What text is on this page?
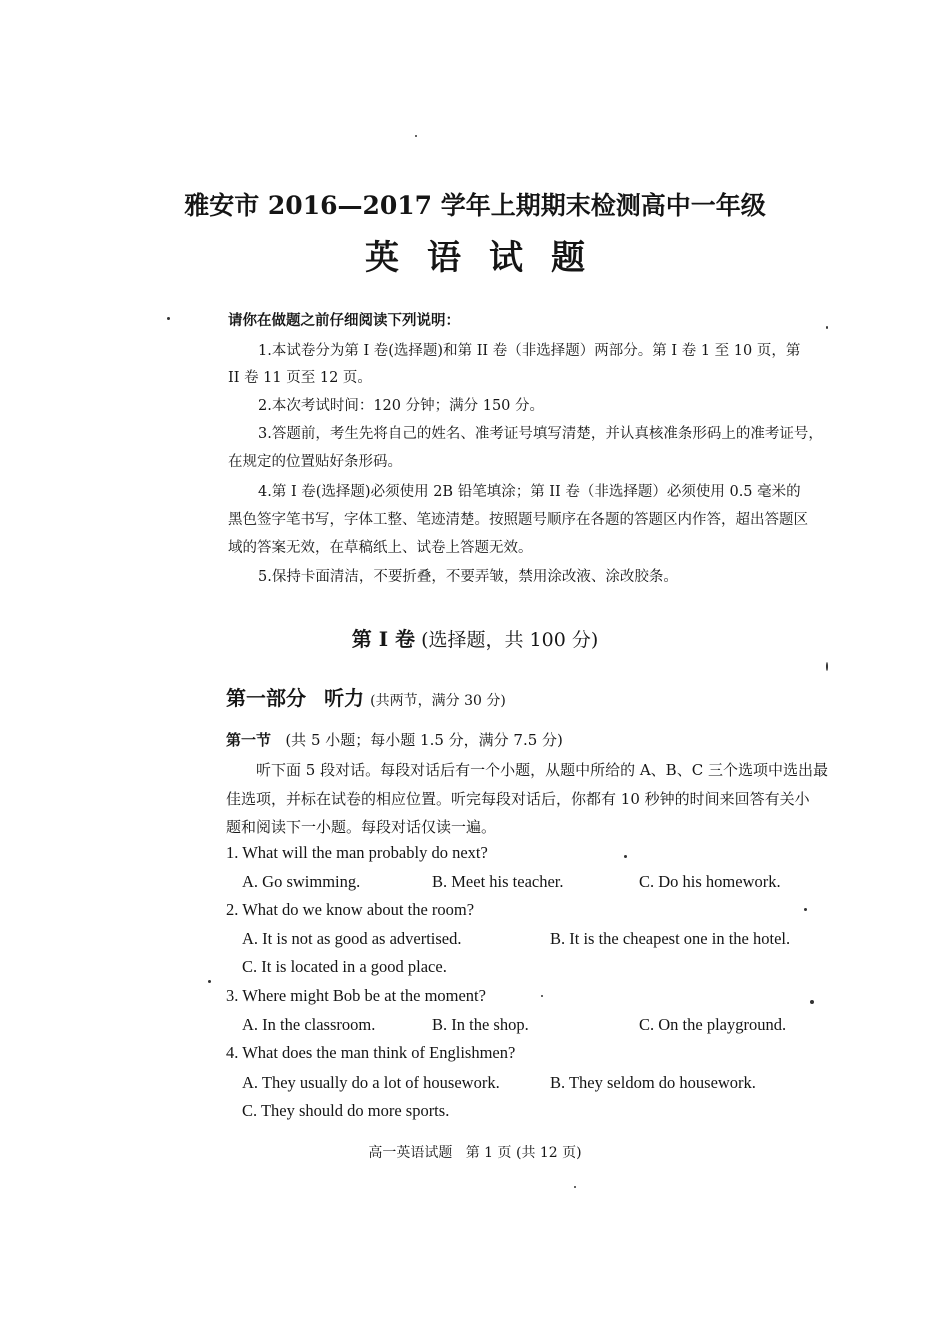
雅安市 2016—2017 学年上期期末检测高中一年级
英语试题
请你在做题之前仔细阅读下列说明：
1.本试卷分为第 I 卷(选择题)和第 II 卷（非选择题）两部分。第 I 卷 1 至 10 页，第
II 卷 11 页至 12 页。
2.本次考试时间：120 分钟；满分 150 分。
3.答题前，考生先将自己的姓名、准考证号填写清楚，并认真核准条形码上的准考证号，
在规定的位置贴好条形码。
4.第 I 卷(选择题)必须使用 2B 铅笔填涂；第 II 卷（非选择题）必须使用 0.5 毫米的
黑色签字笔书写，字体工整、笔迹清楚。按照题号顺序在各题的答题区内作答，超出答题区
域的答案无效，在草稿纸上、试卷上答题无效。
5.保持卡面清洁，不要折叠，不要弄皱，禁用涂改液、涂改胶条。
第 I 卷 (选择题，共 100 分)
第一部分 听力 (共两节，满分 30 分)
第一节 (共 5 小题；每小题 1.5 分，满分 7.5 分)
听下面 5 段对话。每段对话后有一个小题，从题中所给的 A、B、C 三个选项中选出最
佳选项，并标在试卷的相应位置。听完每段对话后，你都有 10 秒钟的时间来回答有关小
题和阅读下一小题。每段对话仅读一遍。
1. What will the man probably do next?
A. Go swimming.	B. Meet his teacher.	C. Do his homework.
2. What do we know about the room?
A. It is not as good as advertised.	B. It is the cheapest one in the hotel.
C. It is located in a good place.
3. Where might Bob be at the moment?
A. In the classroom.	B. In the shop.	C. On the playground.
4. What does the man think of Englishmen?
A. They usually do a lot of housework.	B. They seldom do housework.
C. They should do more sports.
高一英语试题 第 1 页 (共 12 页)
